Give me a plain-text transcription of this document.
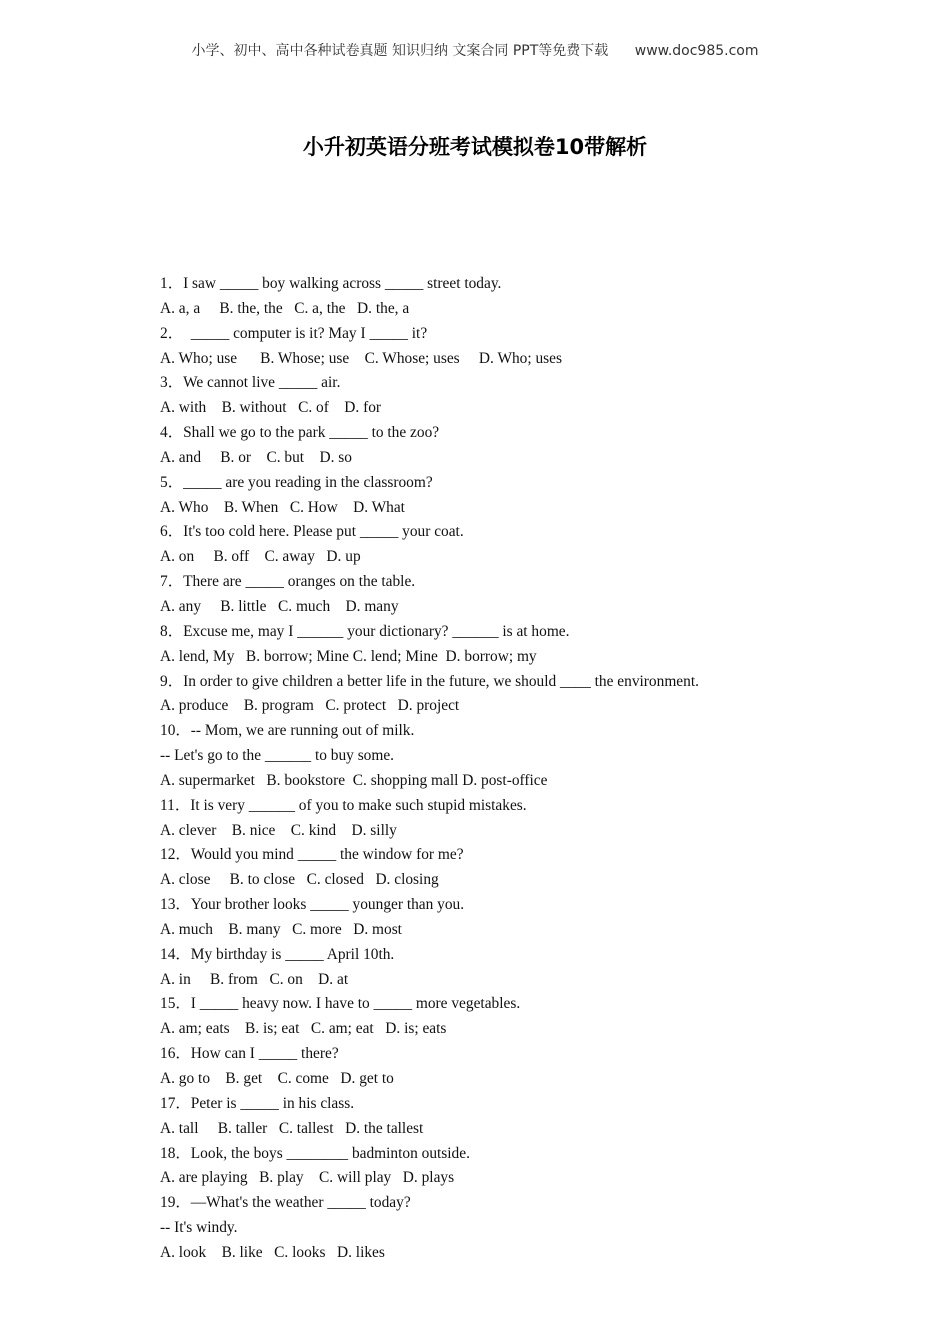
小学、初中、高中各种试卷真题 知识归纳 文案合同 PPT等免费下载 www.doc985.com
小升初英语分班考试模拟卷10带解析
1．I saw _____ boy walking across _____ street today.
A. a, a     B. the, the   C. a, the   D. the, a
2．  _____ computer is it? May I _____ it?
A. Who; use      B. Whose; use    C. Whose; uses     D. Who; uses
3．We cannot live _____ air.
A. with    B. without   C. of    D. for
4．Shall we go to the park _____ to the zoo?
A. and     B. or    C. but    D. so
5．_____ are you reading in the classroom?
A. Who    B. When   C. How    D. What
6．It's too cold here. Please put _____ your coat.
A. on     B. off    C. away   D. up
7．There are _____ oranges on the table.
A. any     B. little   C. much    D. many
8．Excuse me, may I ______ your dictionary? ______ is at home.
A. lend, My   B. borrow; Mine C. lend; Mine  D. borrow; my
9．In order to give children a better life in the future, we should ____ the environment.
A. produce    B. program   C. protect   D. project
10．-- Mom, we are running out of milk.
-- Let's go to the ______ to buy some.
A. supermarket   B. bookstore  C. shopping mall D. post-office
11．It is very ______ of you to make such stupid mistakes.
A. clever    B. nice    C. kind    D. silly
12．Would you mind _____ the window for me?
A. close     B. to close   C. closed   D. closing
13．Your brother looks _____ younger than you.
A. much    B. many   C. more   D. most
14．My birthday is _____ April 10th.
A. in     B. from   C. on    D. at
15．I _____ heavy now. I have to _____ more vegetables.
A. am; eats    B. is; eat   C. am; eat   D. is; eats
16．How can I _____ there?
A. go to    B. get    C. come   D. get to
17．Peter is _____ in his class.
A. tall     B. taller   C. tallest   D. the tallest
18．Look, the boys ________ badminton outside.
A. are playing   B. play    C. will play   D. plays
19．—What's the weather _____ today?
-- It's windy.
A. look    B. like   C. looks   D. likes
